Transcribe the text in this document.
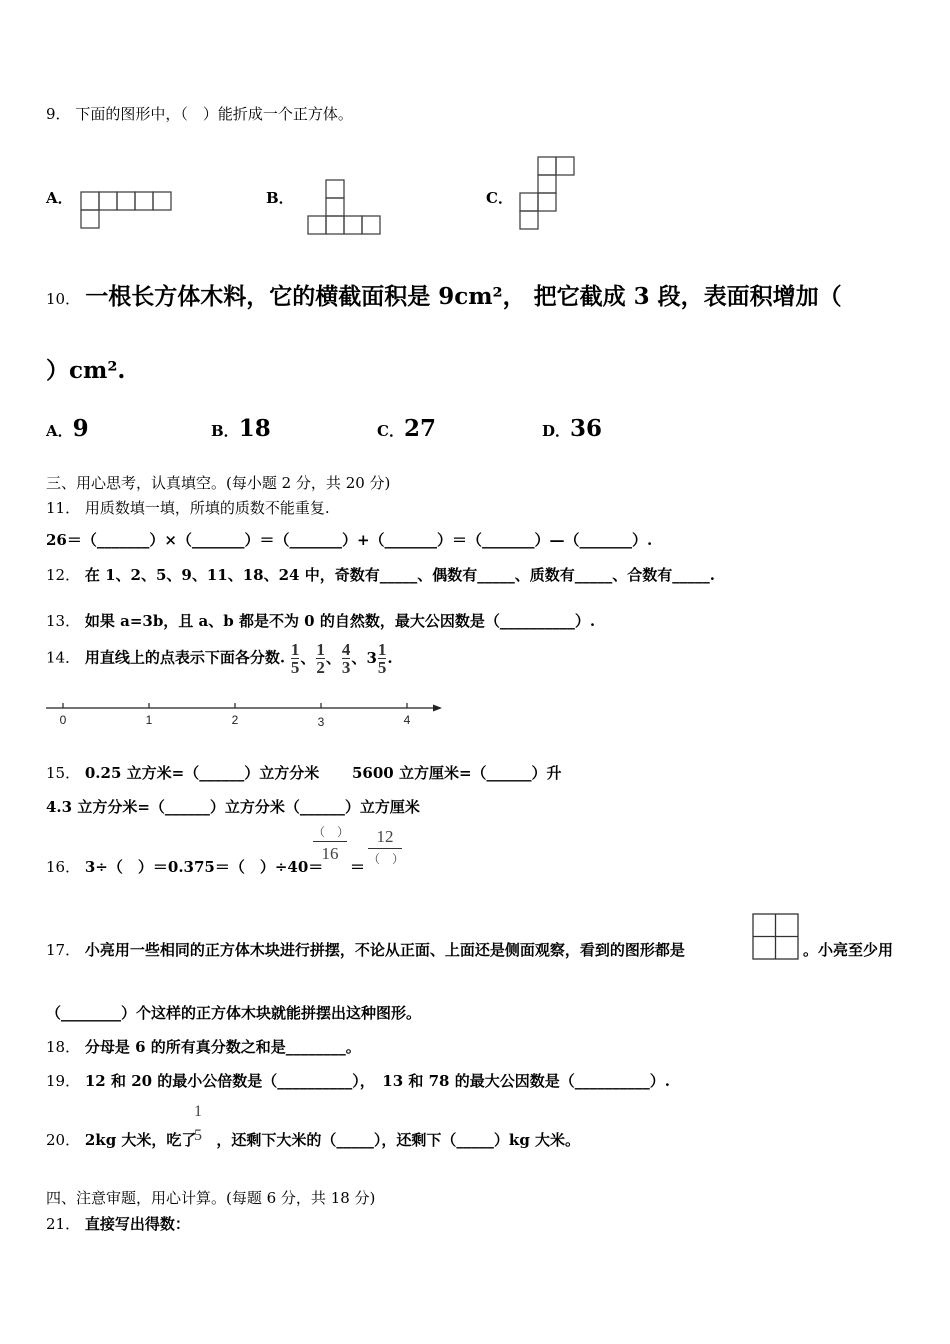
9． 下面的图形中，（　）能折成一个正方体。
A．	B．	C．
10． 一根长方体木料，它的横截面积是 9cm²， 把它截成 3 段，表面积增加（
）cm².
A．9	B．18	C．27	D．36
三、用心思考，认真填空。(每小题 2 分，共 20 分)
11． 用质数填一填，所填的质数不能重复.
26＝（_______）×（_______）＝（_______）+（_______）＝（_______）—（_______）.
12． 在 1、2、5、9、11、18、24 中，奇数有_____、偶数有_____、质数有_____、合数有_____.
13． 如果 a=3b，且 a、b 都是不为 0 的自然数，最大公因数是（__________）.
14． 用直线上的点表示下面各分数. $\frac{1}{5}$ 、 $\frac{1}{2}$ 、 $\frac{4}{3}$ 、$3 \frac{1}{5}$ .
0	1	2	3	4
15． 0.25 立方米=（______）立方分米 5600 立方厘米=（______）升
4.3 立方分米=（______）立方分米（______）立方厘米
16． 3÷（　）＝0.375＝（　）÷40＝
$\frac{( )}{16}$
＝
$\frac{12}{( )}$
17． 小亮用一些相同的正方体木块进行拼摆，不论从正面、上面还是侧面观察，看到的图形都是	。小亮至少用
（________）个这样的正方体木块就能拼摆出这种图形。
18． 分母是 6 的所有真分数之和是________。
19． 12 和 20 的最小公倍数是（__________），　13 和 78 的最大公因数是（__________）.
20． 2kg 大米，吃了 ，还剩下大米的（_____），还剩下（_____）kg 大米。
1
5
四、注意审题，用心计算。(每题 6 分，共 18 分)
21． 直接写出得数：
